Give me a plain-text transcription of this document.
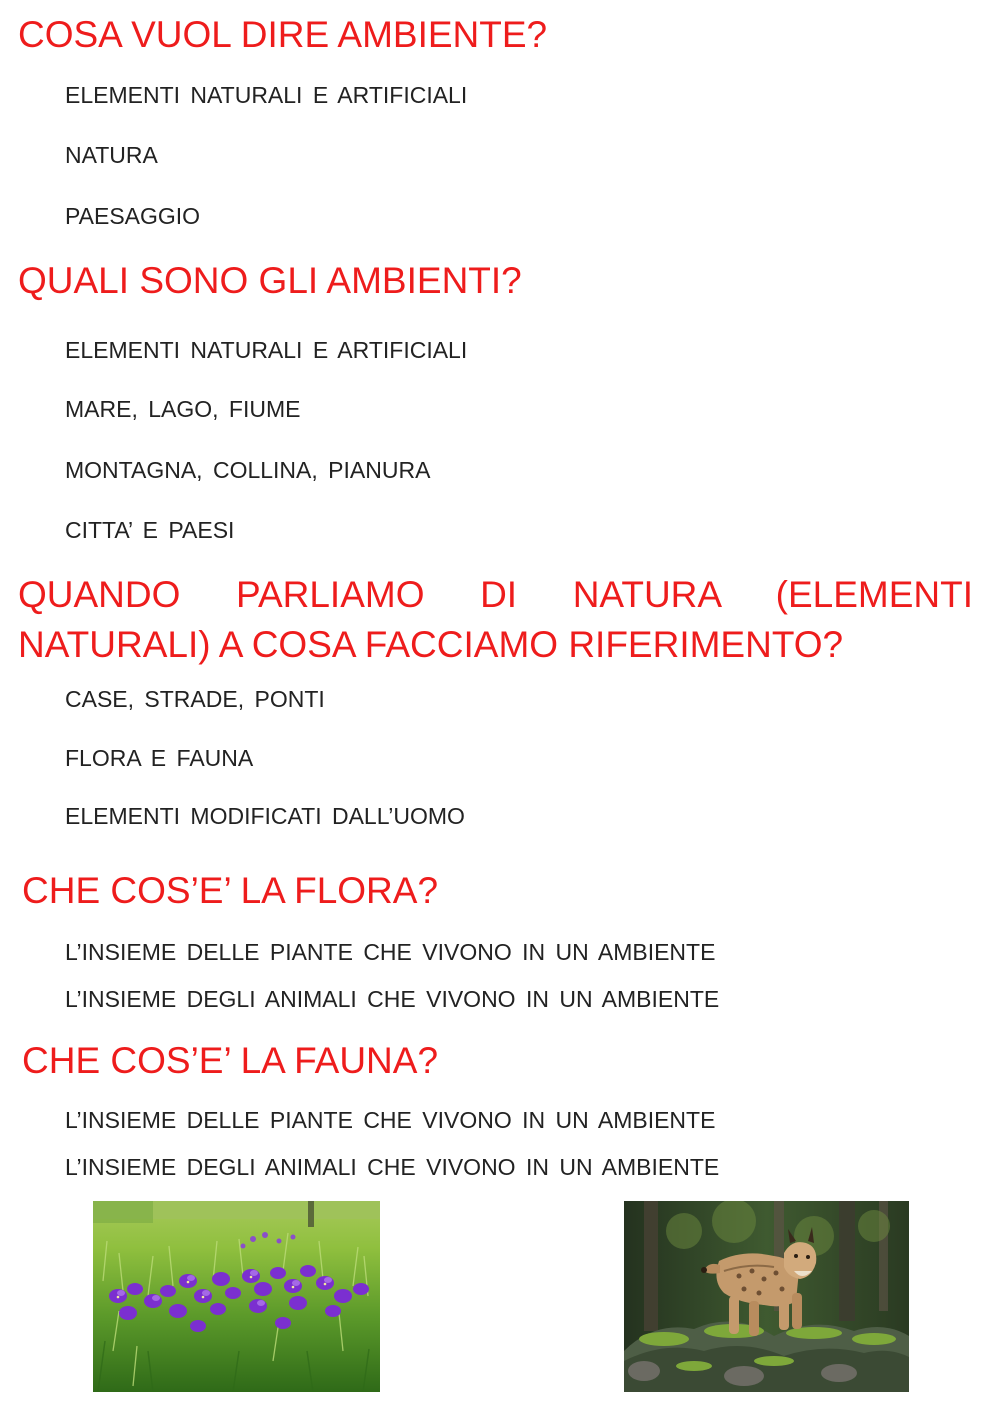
COSA VUOL DIRE AMBIENTE?
ELEMENTI NATURALI E ARTIFICIALI
NATURA
PAESAGGIO
QUALI SONO GLI AMBIENTI?
ELEMENTI NATURALI E ARTIFICIALI
MARE, LAGO, FIUME
MONTAGNA, COLLINA, PIANURA
CITTA’ E PAESI
QUANDO PARLIAMO DI NATURA (ELEMENTI NATURALI) A COSA FACCIAMO RIFERIMENTO?
CASE, STRADE, PONTI
FLORA E FAUNA
ELEMENTI MODIFICATI DALL’UOMO
CHE COS’E’ LA FLORA?
L’INSIEME DELLE PIANTE CHE VIVONO IN UN AMBIENTE
L’INSIEME DEGLI ANIMALI CHE VIVONO IN UN AMBIENTE
CHE COS’E’ LA FAUNA?
L’INSIEME DELLE PIANTE CHE VIVONO IN UN AMBIENTE
L’INSIEME DEGLI ANIMALI CHE VIVONO IN UN AMBIENTE
